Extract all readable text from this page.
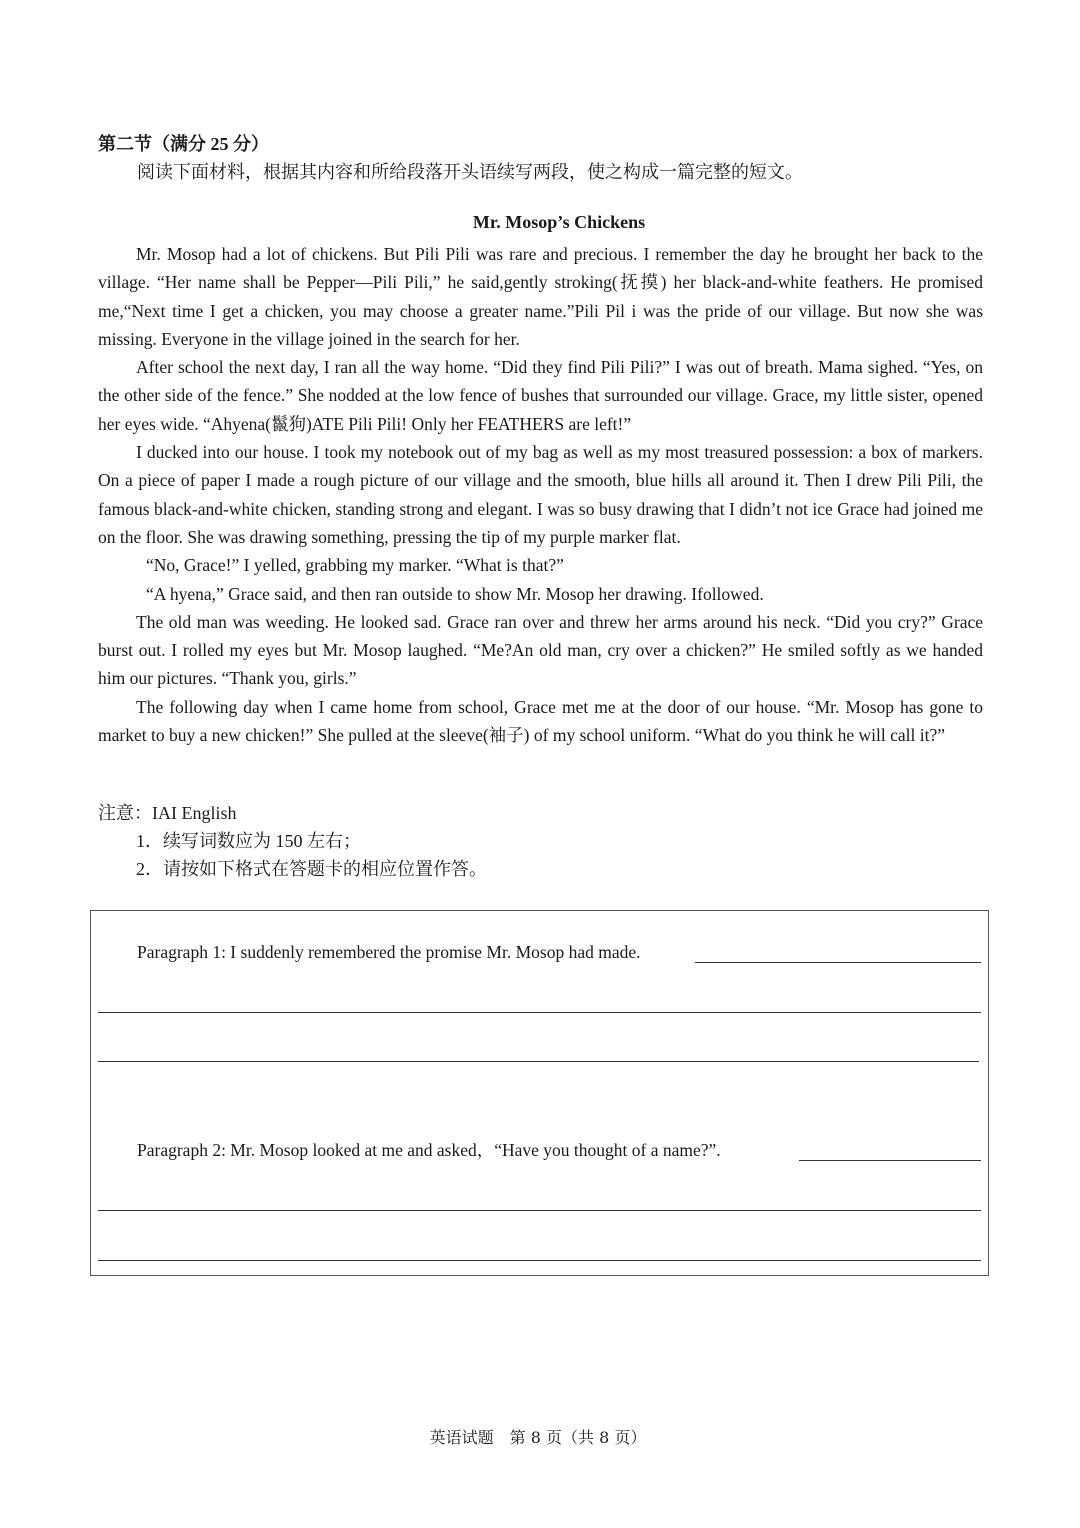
第二节（满分 25 分）
阅读下面材料，根据其内容和所给段落开头语续写两段，使之构成一篇完整的短文。
Mr. Mosop’s Chickens

Mr. Mosop had a lot of chickens. But Pili Pili was rare and precious. I remember the day he brought her back to the village. “Her name shall be Pepper—Pili Pili,” he said,gently stroking(抚摸) her black-and-white feathers. He promised me,“Next time I get a chicken, you may choose a greater name.”Pili Pil i was the pride of our village. But now she was missing. Everyone in the village joined in the search for her.

After school the next day, I ran all the way home. “Did they find Pili Pili?” I was out of breath. Mama sighed. “Yes, on the other side of the fence.” She nodded at the low fence of bushes that surrounded our village. Grace, my little sister, opened her eyes wide. “Ahyena(鬣狗)ATE Pili Pili! Only her FEATHERS are left!”

I ducked into our house. I took my notebook out of my bag as well as my most treasured possession: a box of markers. On a piece of paper I made a rough picture of our village and the smooth, blue hills all around it. Then I drew Pili Pili, the famous black-and-white chicken, standing strong and elegant. I was so busy drawing that I didn’t not ice Grace had joined me on the floor. She was drawing something, pressing the tip of my purple marker flat.

“No, Grace!” I yelled, grabbing my marker. “What is that?”

“A hyena,” Grace said, and then ran outside to show Mr. Mosop her drawing. Ifollowed.

The old man was weeding. He looked sad. Grace ran over and threw her arms around his neck. “Did you cry?” Grace burst out. I rolled my eyes but Mr. Mosop laughed. “Me?An old man, cry over a chicken?” He smiled softly as we handed him our pictures. “Thank you, girls.”

The following day when I came home from school, Grace met me at the door of our house. “Mr. Mosop has gone to market to buy a new chicken!” She pulled at the sleeve(袖子) of my school uniform. “What do you think he will call it?”

注意：IAI English
1．续写词数应为 150 左右；
2．请按如下格式在答题卡的相应位置作答。
Paragraph 1: I suddenly remembered the promise Mr. Mosop had made.
Paragraph 2: Mr. Mosop looked at me and asked，“Have you thought of a name?”.
英语试题　第 8 页（共 8 页）
